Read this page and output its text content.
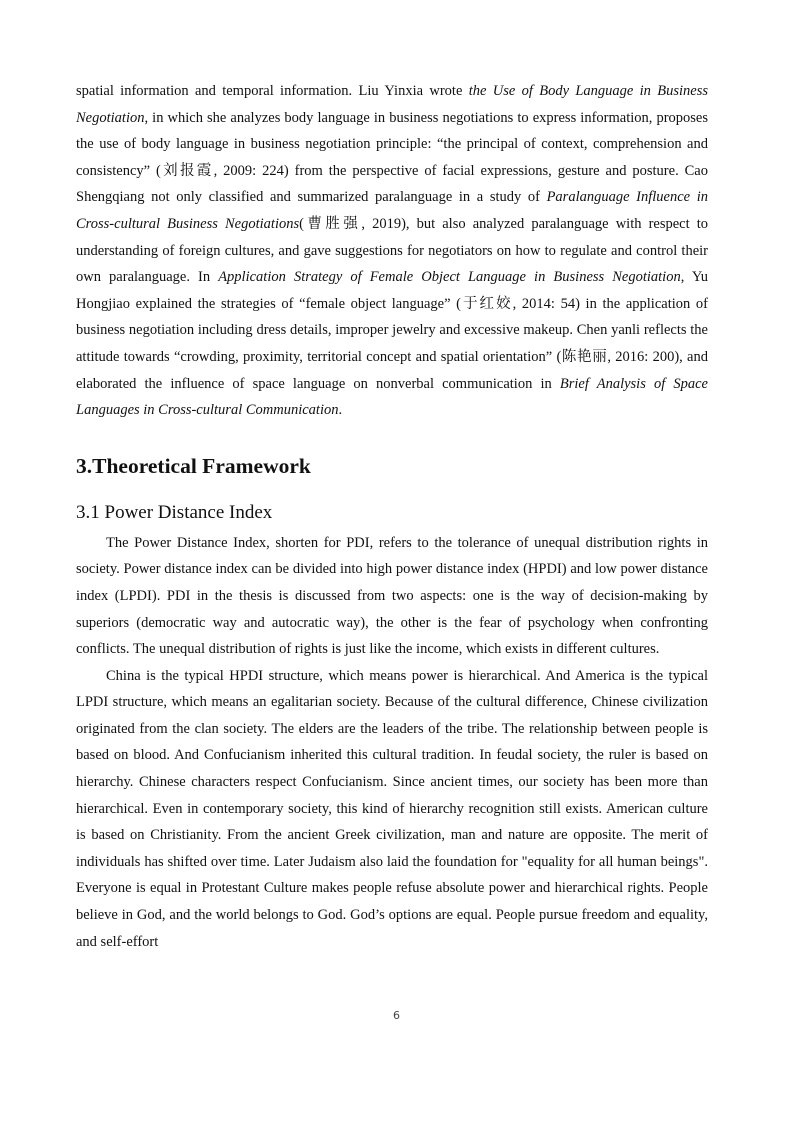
spatial information and temporal information. Liu Yinxia wrote the Use of Body Language in Business Negotiation, in which she analyzes body language in business negotiations to express information, proposes the use of body language in business negotiation principle: “the principal of context, comprehension and consistency” (刘报霞, 2009: 224) from the perspective of facial expressions, gesture and posture. Cao Shengqiang not only classified and summarized paralanguage in a study of Paralanguage Influence in Cross-cultural Business Negotiations(曹胜强, 2019), but also analyzed paralanguage with respect to understanding of foreign cultures, and gave suggestions for negotiators on how to regulate and control their own paralanguage. In Application Strategy of Female Object Language in Business Negotiation, Yu Hongjiao explained the strategies of “female object language” (于红姣, 2014: 54) in the application of business negotiation including dress details, improper jewelry and excessive makeup. Chen yanli reflects the attitude towards “crowding, proximity, territorial concept and spatial orientation” (陈艳丽, 2016: 200), and elaborated the influence of space language on nonverbal communication in Brief Analysis of Space Languages in Cross-cultural Communication.

3.Theoretical Framework
3.1 Power Distance Index

The Power Distance Index, shorten for PDI, refers to the tolerance of unequal distribution rights in society. Power distance index can be divided into high power distance index (HPDI) and low power distance index (LPDI). PDI in the thesis is discussed from two aspects: one is the way of decision-making by superiors (democratic way and autocratic way), the other is the fear of psychology when confronting conflicts. The unequal distribution of rights is just like the income, which exists in different cultures.

China is the typical HPDI structure, which means power is hierarchical. And America is the typical LPDI structure, which means an egalitarian society. Because of the cultural difference, Chinese civilization originated from the clan society. The elders are the leaders of the tribe. The relationship between people is based on blood. And Confucianism inherited this cultural tradition. In feudal society, the ruler is based on hierarchy. Chinese characters respect Confucianism. Since ancient times, our society has been more than hierarchical. Even in contemporary society, this kind of hierarchy recognition still exists. American culture is based on Christianity. From the ancient Greek civilization, man and nature are opposite. The merit of individuals has shifted over time. Later Judaism also laid the foundation for "equality for all human beings". Everyone is equal in Protestant Culture makes people refuse absolute power and hierarchical rights. People believe in God, and the world belongs to God. God’s options are equal. People pursue freedom and equality, and self-effort

6
